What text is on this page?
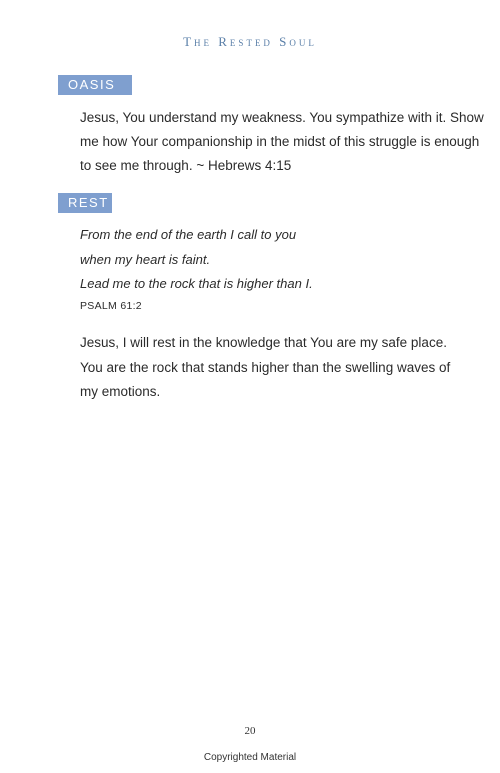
The Rested Soul
OASIS

Jesus, You understand my weakness. You sympathize with it. Show

me how Your companionship in the midst of this struggle is enough

to see me through. ~ Hebrews 4:15

REST

From the end of the earth I call to you

when my heart is faint.

Lead me to the rock that is higher than I.

PSALM 61:2

Jesus, I will rest in the knowledge that You are my safe place.

You are the rock that stands higher than the swelling waves of

my emotions.

20
Copyrighted Material
